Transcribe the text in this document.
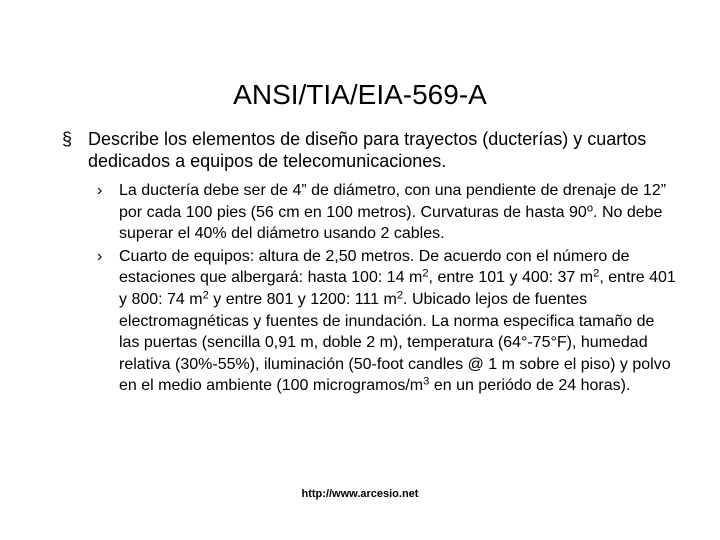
ANSI/TIA/EIA-569-A
§ Describe los elementos de diseño para trayectos (ducterías) y cuartos dedicados a equipos de telecomunicaciones.
› La ductería debe ser de 4” de diámetro, con una pendiente de drenaje de 12” por cada 100 pies (56 cm en 100 metros). Curvaturas de hasta 90$^o$. No debe superar el 40% del diámetro usando 2 cables.
› Cuarto de equipos: altura de 2,50 metros. De acuerdo con el número de estaciones que albergará: hasta 100: 14 $m^2$, entre 101 y 400: 37 $m^2$, entre 401 y 800: 74 $m^2$ y entre 801 y 1200: 111 $m^2$. Ubicado lejos de fuentes electromagnéticas y fuentes de inundación. La norma especifica tamaño de las puertas (sencilla 0,91 m, doble 2 m), temperatura (64°-75°F), humedad relativa (30%-55%), iluminación (50-foot candles @ 1 m sobre el piso) y polvo en el medio ambiente (100 microgramos/$m^3$ en un periódo de 24 horas).
http://www.arcesio.net
